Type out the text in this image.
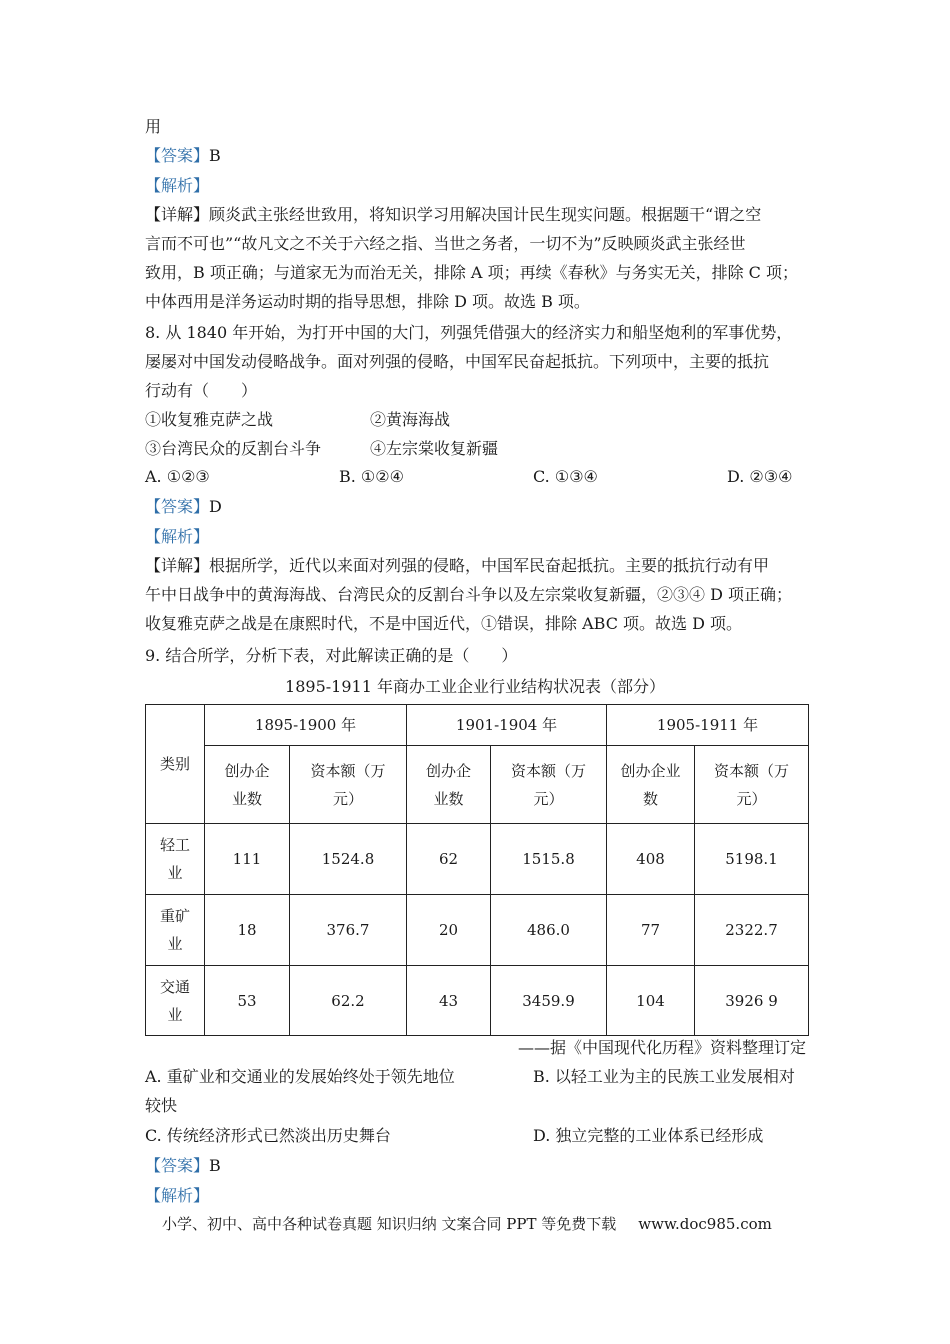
用
【答案】B
【解析】
【详解】顾炎武主张经世致用，将知识学习用解决国计民生现实问题。根据题干“谓之空
言而不可也”“故凡文之不关于六经之指、当世之务者，一切不为”反映顾炎武主张经世
致用，B 项正确；与道家无为而治无关，排除 A 项；再续《春秋》与务实无关，排除 C 项；
中体西用是洋务运动时期的指导思想，排除 D 项。故选 B 项。
8. 从 1840 年开始，为打开中国的大门，列强凭借强大的经济实力和船坚炮利的军事优势，
屡屡对中国发动侵略战争。面对列强的侵略，中国军民奋起抵抗。下列项中，主要的抵抗
行动有（　　）
①收复雅克萨之战	②黄海海战
③台湾民众的反割台斗争	④左宗棠收复新疆
A. ①②③	B. ①②④	C. ①③④	D. ②③④
【答案】D
【解析】
【详解】根据所学，近代以来面对列强的侵略，中国军民奋起抵抗。主要的抵抗行动有甲
午中日战争中的黄海海战、台湾民众的反割台斗争以及左宗棠收复新疆，②③④ D 项正确；
收复雅克萨之战是在康熙时代，不是中国近代，①错误，排除 ABC 项。故选 D 项。
9. 结合所学，分析下表，对此解读正确的是（　　）
1895-1911 年商办工业企业行业结构状况表（部分）
类别	1895-1900 年		1901-1904 年		1905-1911 年	
	创办企
业数	资本额（万
元）	创办企
业数	资本额（万
元）	创办企业
数	资本额（万
元）
轻工
业	111	1524.8	62	1515.8	408	5198.1
重矿
业	18	376.7	20	486.0	77	2322.7
交通
业	53	62.2	43	3459.9	104	3926 9
——据《中国现代化历程》资料整理订定
A. 重矿业和交通业的发展始终处于领先地位	B. 以轻工业为主的民族工业发展相对
较快
C. 传统经济形式已然淡出历史舞台	D. 独立完整的工业体系已经形成
【答案】B
【解析】
小学、初中、高中各种试卷真题 知识归纳 文案合同 PPT 等免费下载 www.doc985.com
